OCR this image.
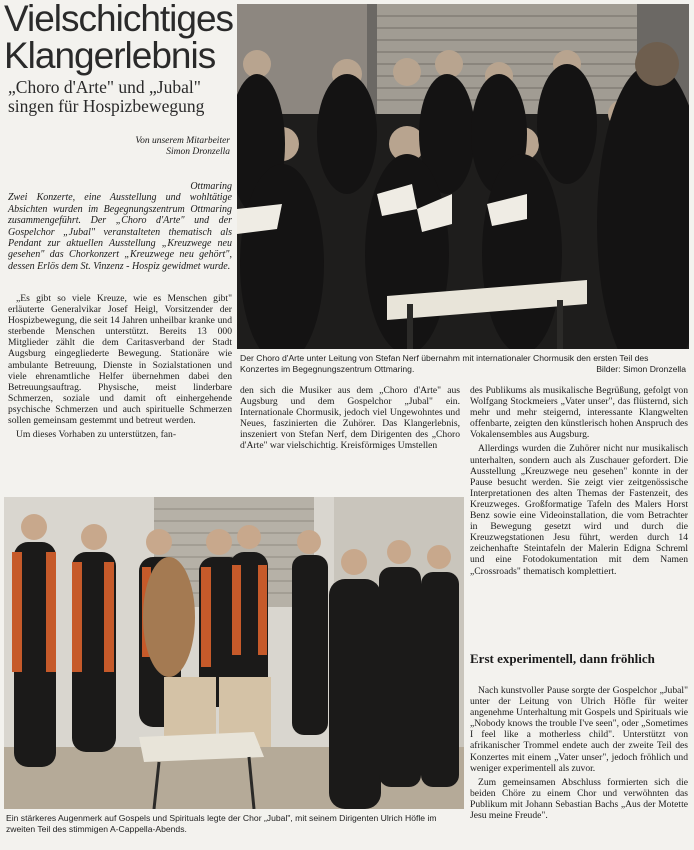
Vielschichtiges Klangerlebnis
„Choro d'Arte" und „Jubal" singen für Hospizbewegung
Von unserem Mitarbeiter
Simon Dronzella
Ottmaring
Zwei Konzerte, eine Ausstellung und wohltätige Absichten wurden im Begegnungszentrum Ottmaring zusammengeführt. Der „Choro d'Arte" und der Gospelchor „Jubal" veranstalteten thematisch als Pendant zur aktuellen Ausstellung „Kreuzwege neu gesehen" das Chorkonzert „Kreuzwege neu gehört", dessen Erlös dem St. Vinzenz - Hospiz gewidmet wurde.
Der Choro d'Arte unter Leitung von Stefan Nerf übernahm mit internationaler Chormusik den ersten Teil des Konzertes im Begegnungszentrum Ottmaring.	Bilder: Simon Dronzella

„Es gibt so viele Kreuze, wie es Menschen gibt" erläuterte Generalvikar Josef Heigl, Vorsitzender der Hospizbewegung, die seit 14 Jahren unheilbar kranke und sterbende Menschen unterstützt. Bereits 13 000 Mitglieder zählt die dem Caritasverband der Stadt Augsburg eingegliederte Bewegung. Stationäre wie ambulante Betreuung, Dienste in Sozialstationen und viele ehrenamtliche Helfer übernehmen dabei den Betreuungsauftrag. Physische, meist linderbare Schmerzen, soziale und damit oft einhergehende psychische Schmerzen und auch spirituelle Schmerzen sollen gemeinsam gestemmt und betreut werden.

Um dieses Vorhaben zu unterstützen, fan-

den sich die Musiker aus dem „Choro d'Arte" aus Augsburg und dem Gospelchor „Jubal" ein. Internationale Chormusik, jedoch viel Ungewohntes und Neues, faszinierten die Zuhörer. Das Klangerlebnis, inszeniert von Stefan Nerf, dem Dirigenten des „Choro d'Arte" war vielschichtig. Kreisförmiges Umstellen

des Publikums als musikalische Begrüßung, gefolgt von Wolfgang Stockmeiers „Vater unser", das flüsternd, sich mehr und mehr steigernd, interessante Klangwelten offenbarte, zeigten den künstlerisch hohen Anspruch des Vokalensembles aus Augsburg.

Allerdings wurden die Zuhörer nicht nur musikalisch unterhalten, sondern auch als Zuschauer gefordert. Die Ausstellung „Kreuzwege neu gesehen" konnte in der Pause besucht werden. Sie zeigt vier zeitgenössische Interpretationen des alten Themas der Fastenzeit, des Kreuzweges. Großformatige Tafeln des Malers Horst Benz sowie eine Videoinstallation, die vom Betrachter in Bewegung gesetzt wird und durch die Kreuzwegstationen Jesu führt, werden durch 14 zeichenhafte Steintafeln der Malerin Edigna Schreml und eine Fotodokumentation mit dem Namen „Crossroads" thematisch komplettiert.

Erst experimentell, dann fröhlich

Nach kunstvoller Pause sorgte der Gospelchor „Jubal" unter der Leitung von Ulrich Höfle für weiter angenehme Unterhaltung mit Gospels und Spirituals wie „Nobody knows the trouble I've seen", oder „Sometimes I feel like a motherless child". Unterstützt von afrikanischer Trommel endete auch der zweite Teil des Konzertes mit einem „Vater unser", jedoch fröhlich und weniger experimentell als zuvor.

Zum gemeinsamen Abschluss formierten sich die beiden Chöre zu einem Chor und verwöhnten das Publikum mit Johann Sebastian Bachs „Aus der Motette Jesu meine Freude".

Ein stärkeres Augenmerk auf Gospels und Spirituals legte der Chor „Jubal", mit seinem Dirigenten Ulrich Höfle im zweiten Teil des stimmigen A-Cappella-Abends.
